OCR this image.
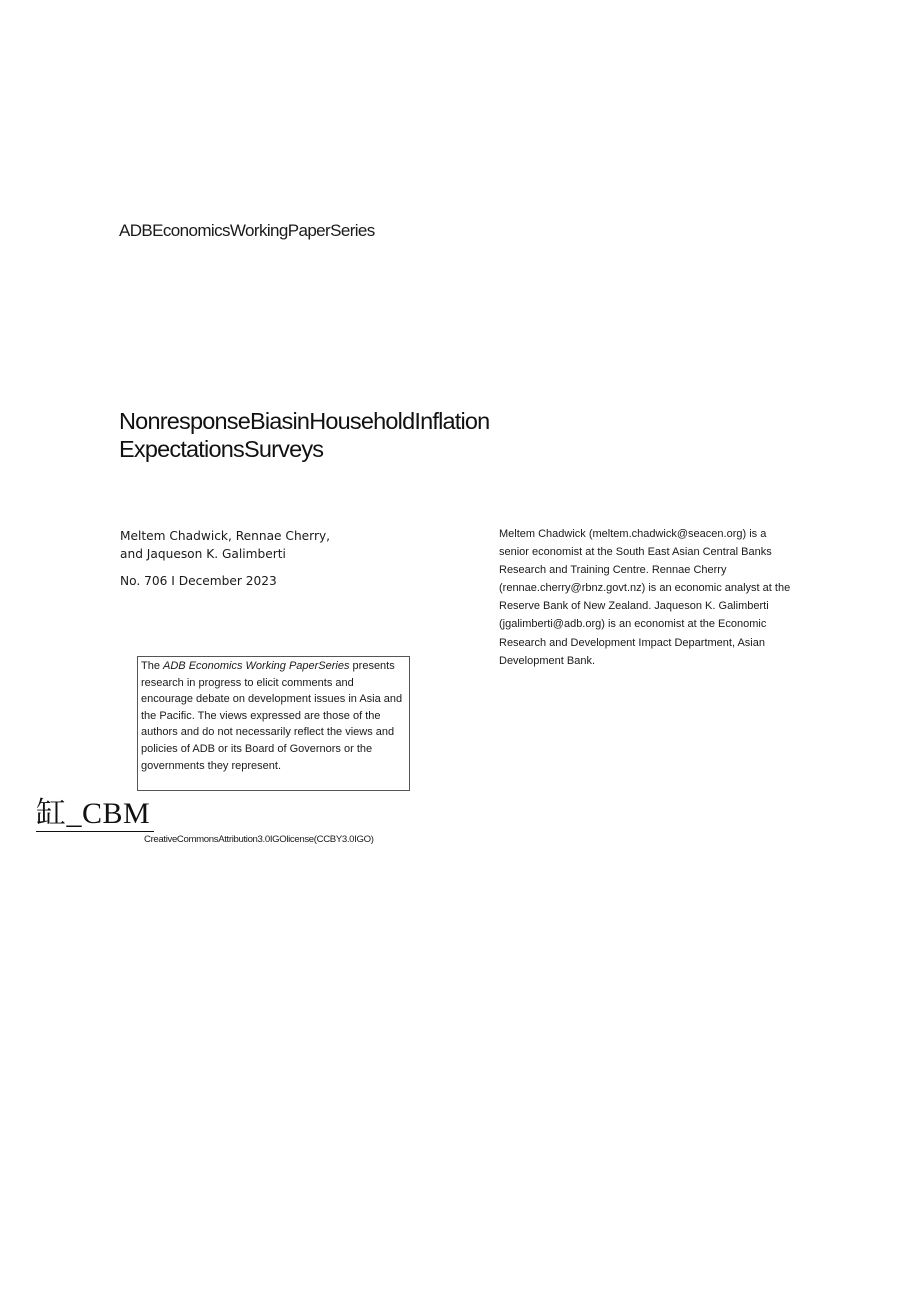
ADBEconomicsWorkingPaperSeries
NonresponseBiasinHouseholdInflation
ExpectationsSurveys
Meltem Chadwick, Rennae Cherry,
and Jaqueson K. Galimberti
No. 706 I December 2023
The ADB Economics Working PaperSeries presents research in progress to elicit comments and encourage debate on development issues in Asia and the Pacific. The views expressed are those of the authors and do not necessarily reflect the views and policies of ADB or its Board of Governors or the governments they represent.
Meltem Chadwick (meltem.chadwick@seacen.org) is a senior economist at the South East Asian Central Banks Research and Training Centre. Rennae Cherry (rennae.cherry@rbnz.govt.nz) is an economic analyst at the Reserve Bank of New Zealand. Jaqueson K. Galimberti (jgalimberti@adb.org) is an economist at the Economic Research and Development Impact Department, Asian Development Bank.
缸_CBM
CreativeCommonsAttribution3.0IGOlicense(CCBY3.0IGO)
